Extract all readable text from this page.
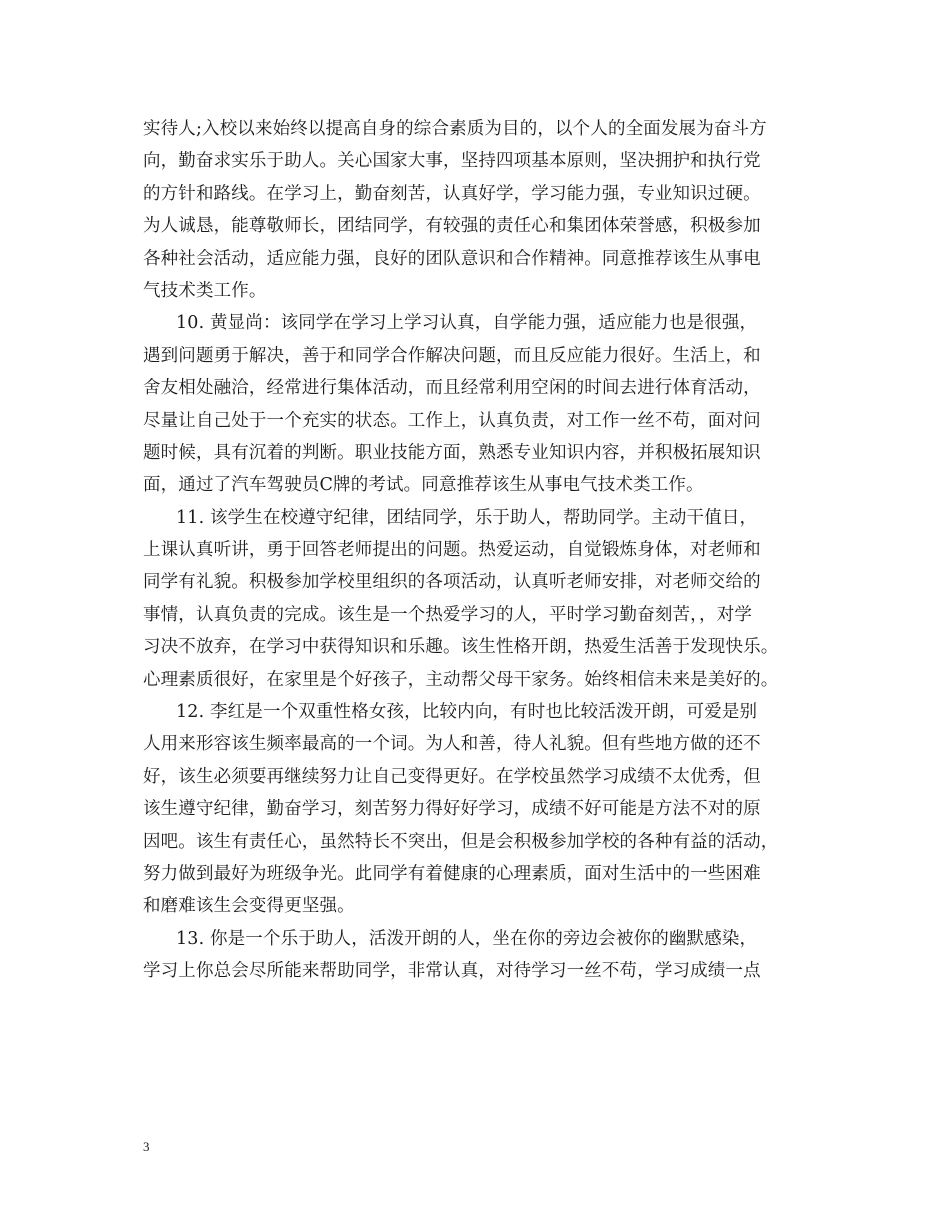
实待人;入校以来始终以提高自身的综合素质为目的，以个人的全面发展为奋斗方
向，勤奋求实乐于助人。关心国家大事，坚持四项基本原则，坚决拥护和执行党
的方针和路线。在学习上，勤奋刻苦，认真好学，学习能力强，专业知识过硬。
为人诚恳，能尊敬师长，团结同学，有较强的责任心和集团体荣誉感，积极参加
各种社会活动，适应能力强，良好的团队意识和合作精神。同意推荐该生从事电
气技术类工作。
10. 黄显尚：该同学在学习上学习认真，自学能力强，适应能力也是很强，
遇到问题勇于解决，善于和同学合作解决问题，而且反应能力很好。生活上，和
舍友相处融洽，经常进行集体活动，而且经常利用空闲的时间去进行体育活动，
尽量让自己处于一个充实的状态。工作上，认真负责，对工作一丝不苟，面对问
题时候，具有沉着的判断。职业技能方面，熟悉专业知识内容，并积极拓展知识
面，通过了汽车驾驶员C牌的考试。同意推荐该生从事电气技术类工作。
11. 该学生在校遵守纪律，团结同学，乐于助人，帮助同学。主动干值日，
上课认真听讲，勇于回答老师提出的问题。热爱运动，自觉锻炼身体，对老师和
同学有礼貌。积极参加学校里组织的各项活动，认真听老师安排，对老师交给的
事情，认真负责的完成。该生是一个热爱学习的人，平时学习勤奋刻苦，，对学
习决不放弃，在学习中获得知识和乐趣。该生性格开朗，热爱生活善于发现快乐。
心理素质很好，在家里是个好孩子，主动帮父母干家务。始终相信未来是美好的。
12. 李红是一个双重性格女孩，比较内向，有时也比较活泼开朗，可爱是别
人用来形容该生频率最高的一个词。为人和善，待人礼貌。但有些地方做的还不
好，该生必须要再继续努力让自己变得更好。在学校虽然学习成绩不太优秀，但
该生遵守纪律，勤奋学习，刻苦努力得好好学习，成绩不好可能是方法不对的原
因吧。该生有责任心，虽然特长不突出，但是会积极参加学校的各种有益的活动，
努力做到最好为班级争光。此同学有着健康的心理素质，面对生活中的一些困难
和磨难该生会变得更坚强。
13. 你是一个乐于助人，活泼开朗的人，坐在你的旁边会被你的幽默感染，
学习上你总会尽所能来帮助同学，非常认真，对待学习一丝不苟，学习成绩一点
3
